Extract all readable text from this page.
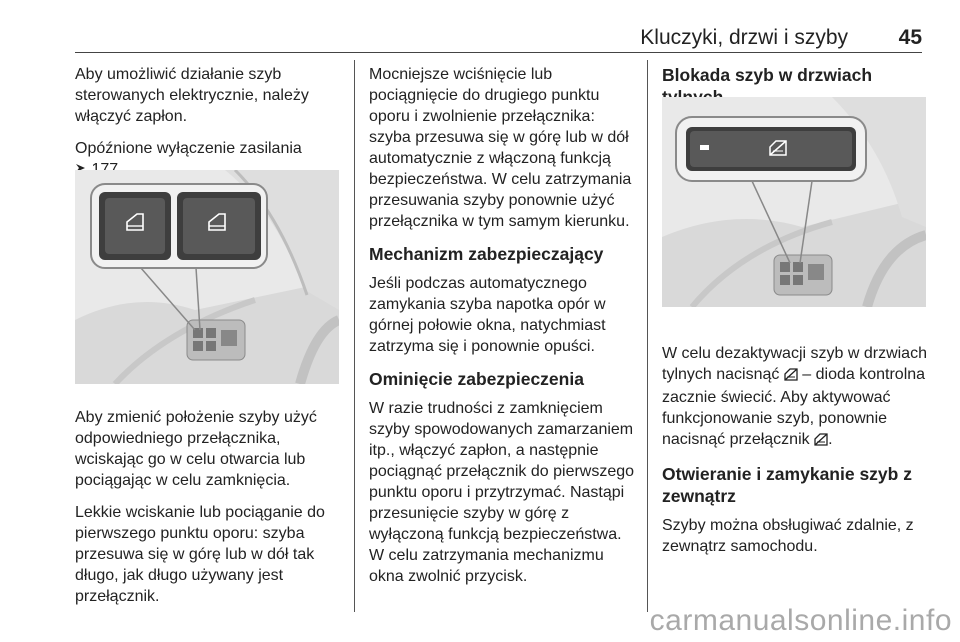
Kluczyki, drzwi i szyby 45

Aby umożliwić działanie szyb sterowanych elektrycznie, należy włączyć zapłon.

Opóźnione wyłączenie zasilania

Aby zmienić położenie szyby użyć odpowiedniego przełącznika, wciskając go w celu otwarcia lub pociągając w celu zamknięcia.

Lekkie wciskanie lub pociąganie do pierwszego punktu oporu: szyba przesuwa się w górę lub w dół tak długo, jak długo używany jest przełącznik.

Mocniejsze wciśnięcie lub pociągnięcie do drugiego punktu oporu i zwolnienie przełącznika: szyba przesuwa się w górę lub w dół automatycznie z włączoną funkcją bezpieczeństwa. W celu zatrzymania przesuwania szyby ponownie użyć przełącznika w tym samym kierunku.

Mechanizm zabezpieczający

Jeśli podczas automatycznego zamykania szyba napotka opór w górnej połowie okna, natychmiast zatrzyma się i ponownie opuści.

Ominięcie zabezpieczenia

W razie trudności z zamknięciem szyby spowodowanych zamarzaniem itp., włączyć zapłon, a następnie pociągnąć przełącznik do pierwszego punktu oporu i przytrzymać. Nastąpi przesunięcie szyby w górę z wyłączoną funkcją bezpieczeństwa. W celu zatrzymania mechanizmu okna zwolnić przycisk.

Blokada szyb w drzwiach

W celu dezaktywacji szyb w drzwiach tylnych nacisnąć – dioda kontrolna zacznie świecić. Aby aktywować funkcjonowanie szyb, ponownie nacisnąć przełącznik .

Otwieranie i zamykanie szyb z zewnątrz

Szyby można obsługiwać zdalnie, z zewnątrz samochodu.

carmanualsonline.info
